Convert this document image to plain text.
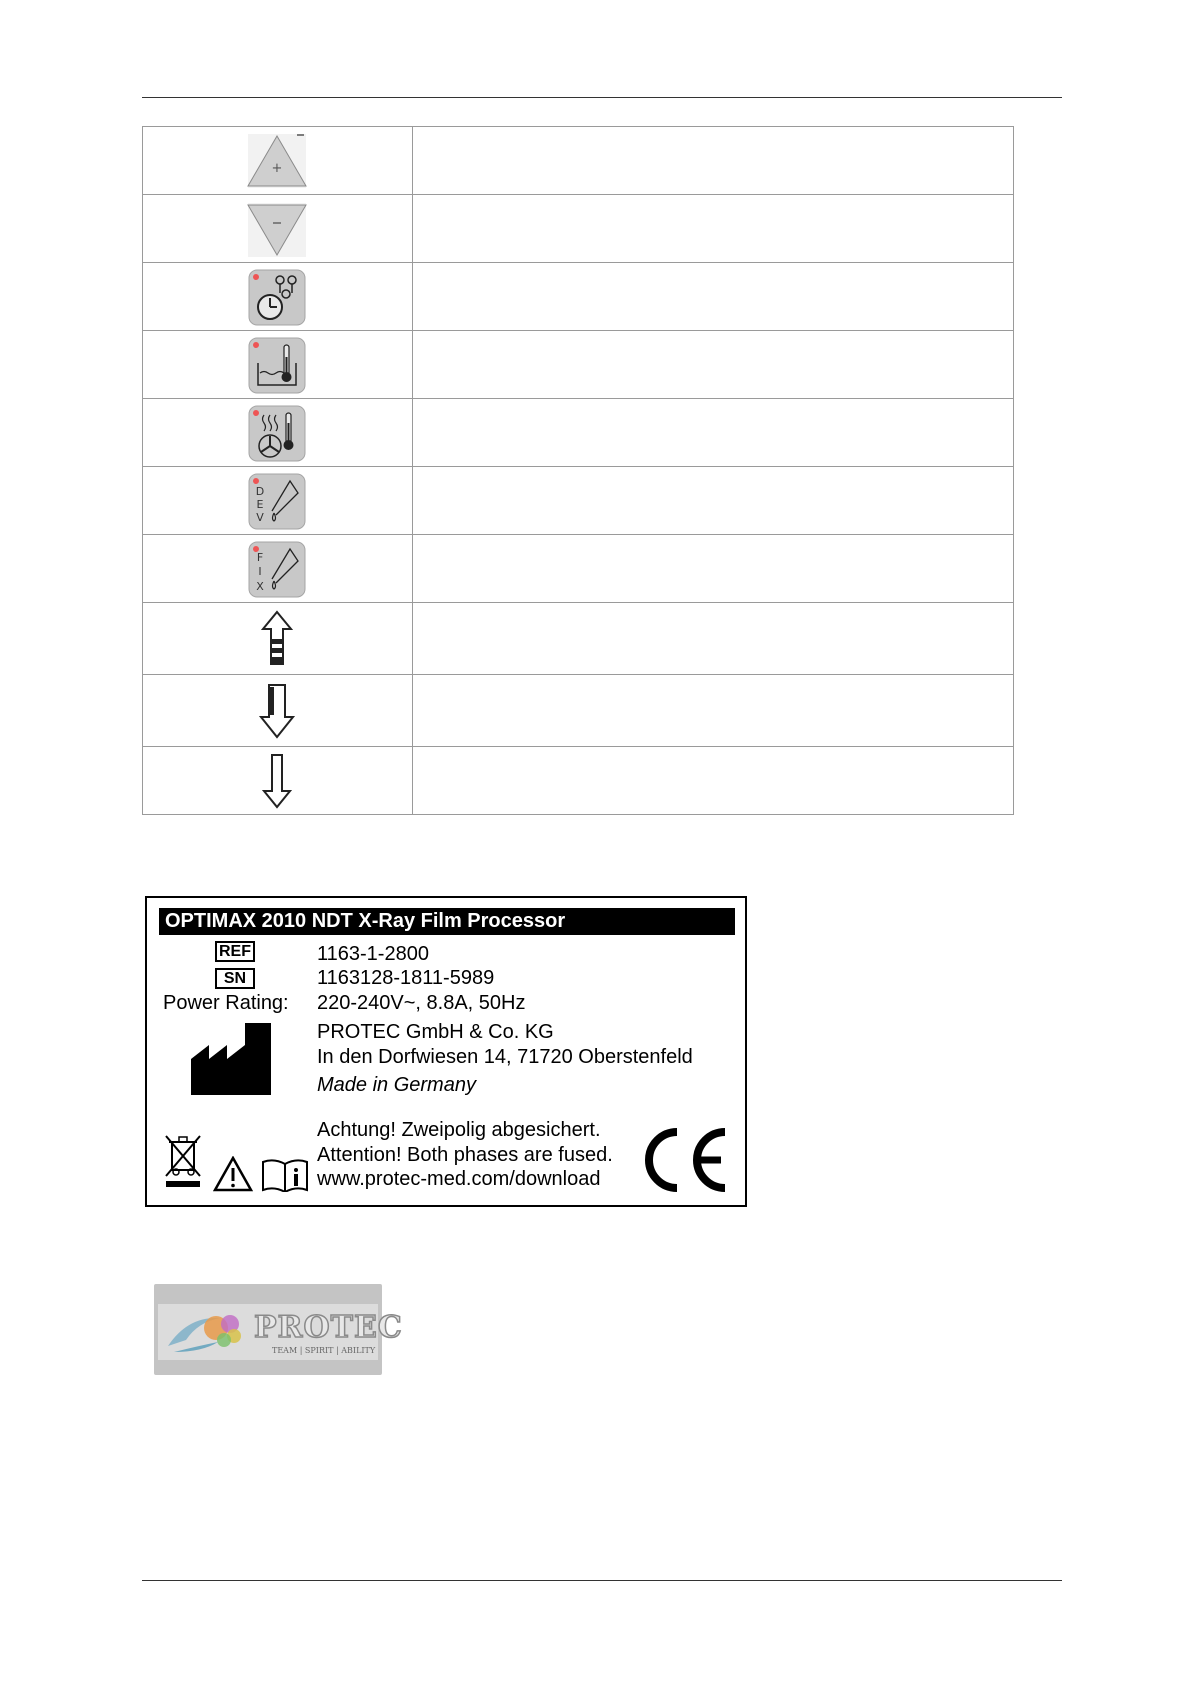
+	

D
E
V	

F
I
X	

OPTIMAX 2010 NDT X-Ray Film Processor
REF	1163-1-2800
SN	1163128-1811-5989
Power Rating: 220-240V~, 8.8A, 50Hz
PROTEC GmbH & Co. KG
In den Dorfwiesen 14, 71720 Oberstenfeld
Made in Germany
Achtung! Zweipolig abgesichert.
Attention! Both phases are fused.
www.protec-med.com/download
PROTEC
TEAM | SPIRIT | ABILITY
